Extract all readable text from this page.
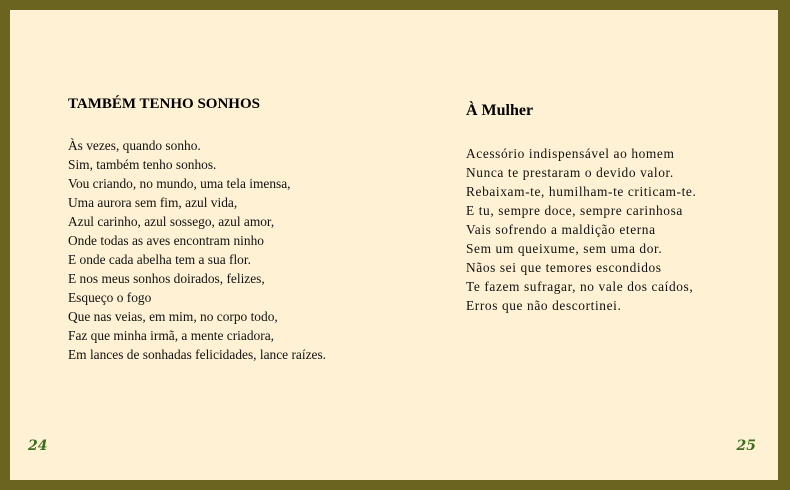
TAMBÉM TENHO SONHOS
Às vezes, quando sonho.
Sim, também tenho sonhos.
Vou criando, no mundo, uma tela imensa,
Uma aurora sem fim, azul vida,
Azul carinho, azul sossego, azul amor,
Onde todas as aves encontram ninho
E onde cada abelha tem a sua flor.
E nos meus sonhos doirados, felizes,
Esqueço o fogo
Que nas veias, em mim, no corpo todo,
Faz que minha irmã, a mente criadora,
Em lances de sonhadas felicidades, lance raízes.
24
À Mulher
Acessório indispensável ao homem
Nunca te prestaram o devido valor.
Rebaixam-te, humilham-te criticam-te.
E tu, sempre doce, sempre carinhosa
Vais sofrendo a maldição eterna
Sem um queixume, sem uma dor.
Nãos sei que temores escondidos
Te fazem sufragar, no vale dos caídos,
Erros que não descortinei.
25
